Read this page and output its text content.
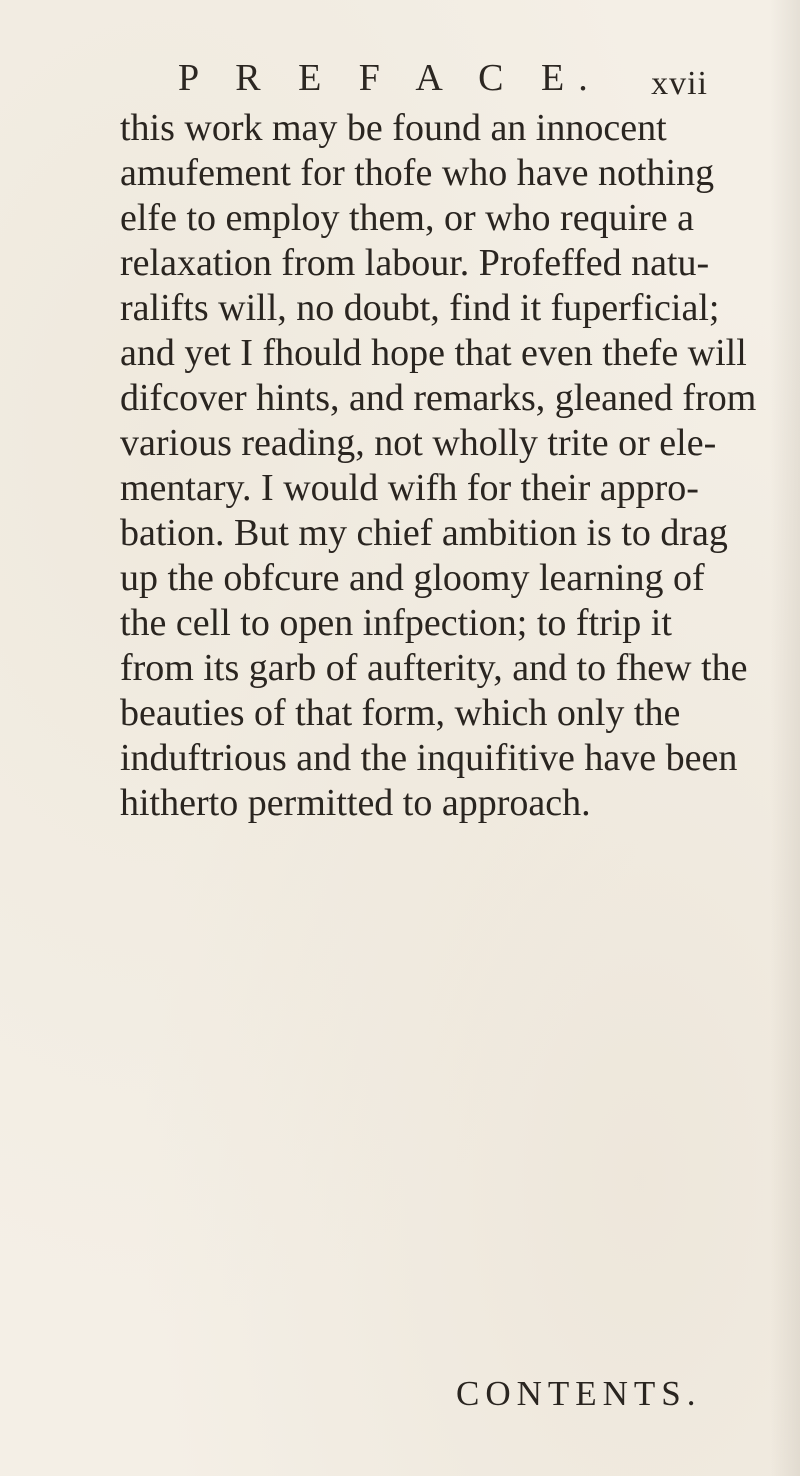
P R E F A C E. xvii
this work may be found an innocent
amufement for thofe who have nothing
elfe to employ them, or who require a
relaxation from labour. Profeffed natu-
ralifts will, no doubt, find it fuperficial;
and yet I fhould hope that even thefe will
difcover hints, and remarks, gleaned from
various reading, not wholly trite or ele-
mentary. I would wifh for their appro-
bation. But my chief ambition is to drag
up the obfcure and gloomy learning of
the cell to open infpection; to ftrip it
from its garb of aufterity, and to fhew the
beauties of that form, which only the
induftrious and the inquifitive have been
hitherto permitted to approach.
CONTENTS.
